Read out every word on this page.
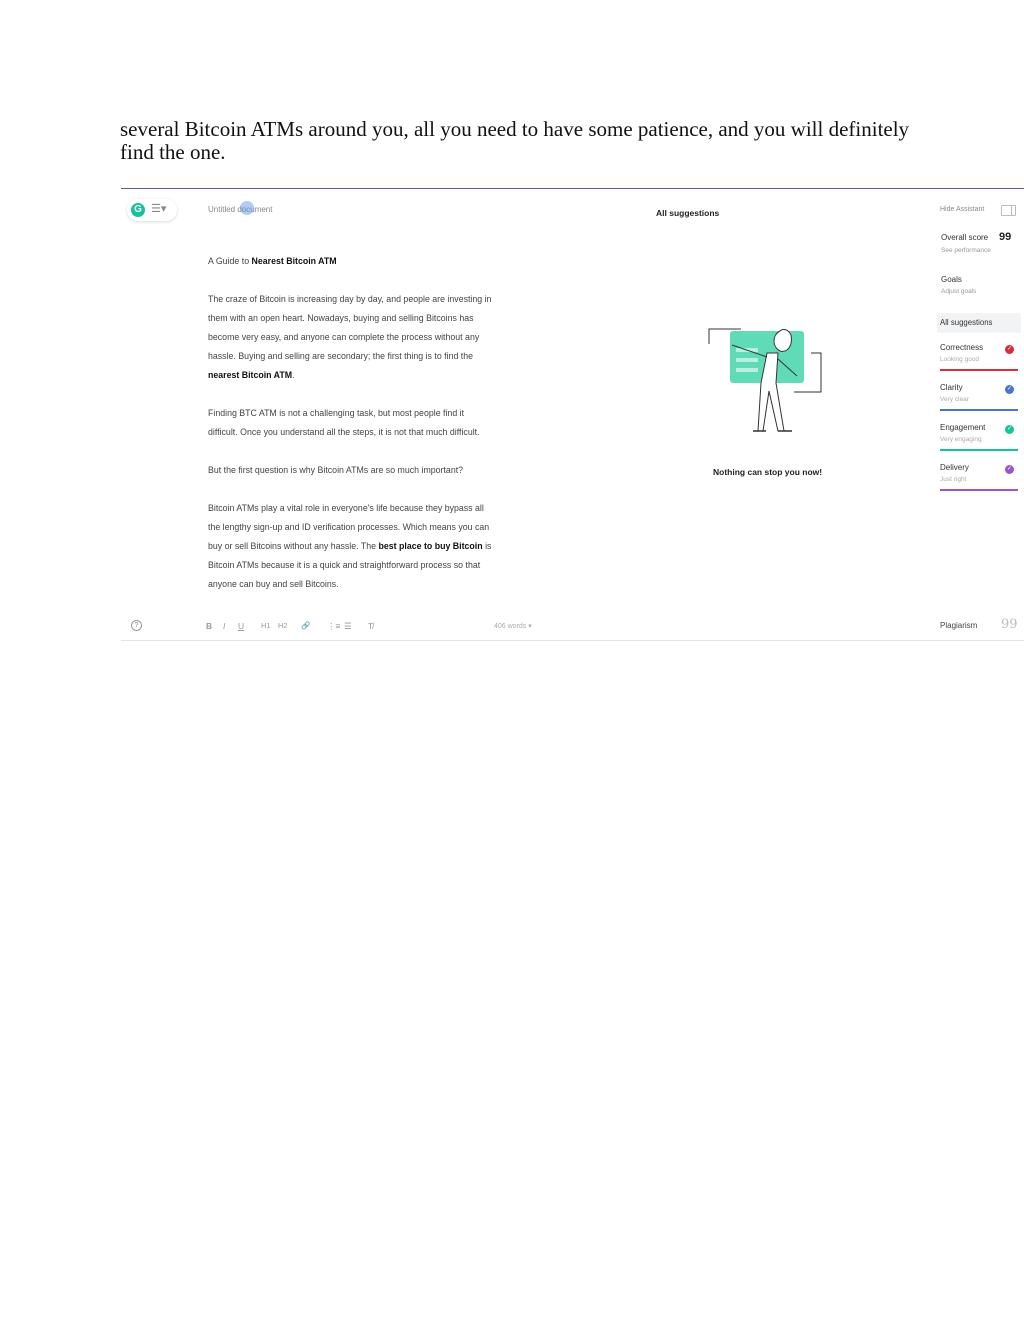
several Bitcoin ATMs around you, all you need to have some patience, and you will definitely find the one.

G ☰▾	Untitled document

A Guide to Nearest Bitcoin ATM

The craze of Bitcoin is increasing day by day, and people are investing in

them with an open heart. Nowadays, buying and selling Bitcoins has

become very easy, and anyone can complete the process without any

hassle. Buying and selling are secondary; the first thing is to find the

nearest Bitcoin ATM.

Finding BTC ATM is not a challenging task, but most people find it

difficult. Once you understand all the steps, it is not that much difficult.

But the first question is why Bitcoin ATMs are so much important?

Bitcoin ATMs play a vital role in everyone's life because they bypass all

the lengthy sign-up and ID verification processes. Which means you can

buy or sell Bitcoins without any hassle. The best place to buy Bitcoin is

Bitcoin ATMs because it is a quick and straightforward process so that

anyone can buy and sell Bitcoins.

All suggestions
Nothing can stop you now!
Hide Assistant
Overall score 99
See performance
Goals
Adjust goals
All suggestions
Correctness
Looking good
✓
Clarity
Very clear
✓
Engagement
Very engaging
✓
Delivery
Just right
✓
?	B I U H1 H2 🔗 ⋮≡ ☰ T̸	406 words ▾	Plagiarism 99
